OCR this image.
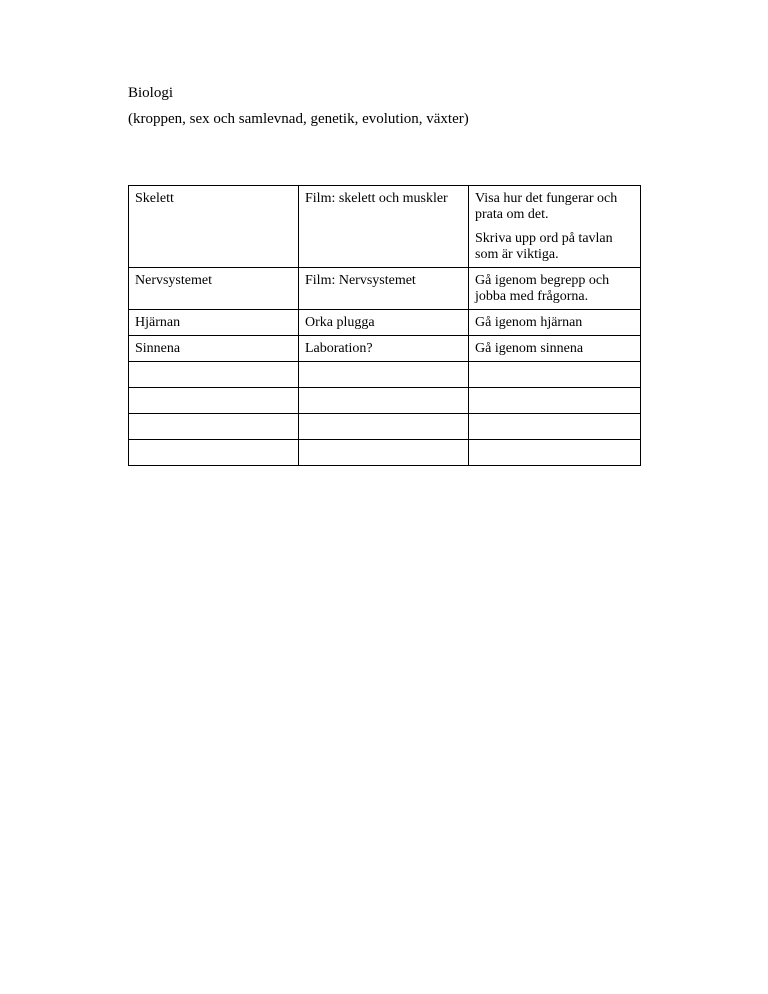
Biologi
(kroppen, sex och samlevnad, genetik, evolution, växter)

Skelett	Film: skelett och muskler	Visa hur det fungerar och prata om det.

Skriva upp ord på tavlan som är viktiga.

Nervsystemet	Film: Nervsystemet	Gå igenom begrepp och jobba med frågorna.

Hjärnan	Orka plugga	Gå igenom hjärnan

Sinnena	Laboration?	Gå igenom sinnena
